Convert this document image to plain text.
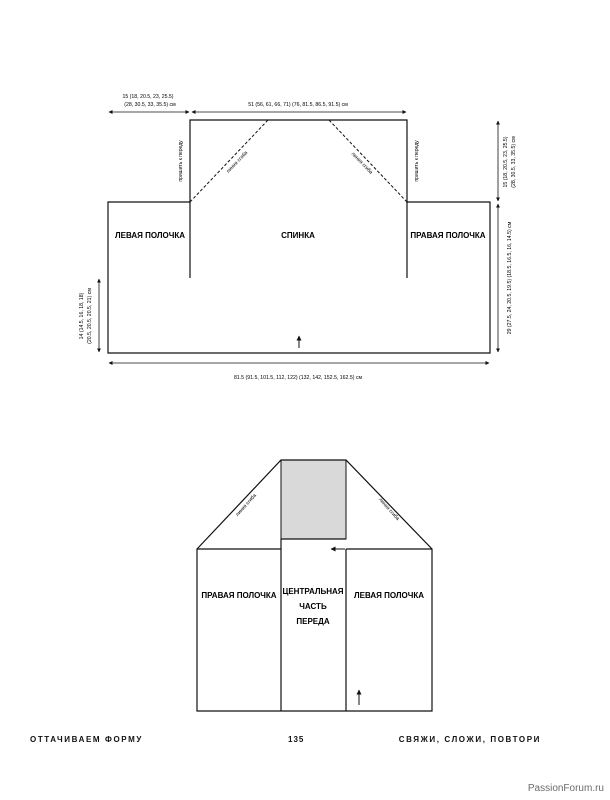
15 (18, 20.5, 23, 25.5)
(28, 30.5, 33, 35.5) см	51 (56, 61, 66, 71) (76, 81.5, 86.5, 91.5) см
15 (18, 20.5, 23, 25.5) (28, 30.5, 33, 35.5) см
29 (27.5, 24, 20.5, 19.5) (18.5, 16.5, 16, 14.5) см
14 (14.5, 16, 18, 18) (20.5, 20.5, 20.5, 21) см
81.5 (91.5, 101.5, 112, 122) (132, 142, 152.5, 162.5) см
пришить к переду	пришить к переду
линия сгиба	линия сгиба
ЛЕВАЯ ПОЛОЧКА	СПИНКА	ПРАВАЯ ПОЛОЧКА
линия сгиба	линия сгиба
ПРАВАЯ ПОЛОЧКА ЦЕНТРАЛЬНАЯ
ЧАСТЬ
ПЕРЕДА
ЛЕВАЯ ПОЛОЧКА
ОТТАЧИВАЕМ ФОРМУ	135	СВЯЖИ, СЛОЖИ, ПОВТОРИ
PassionForum.ru
